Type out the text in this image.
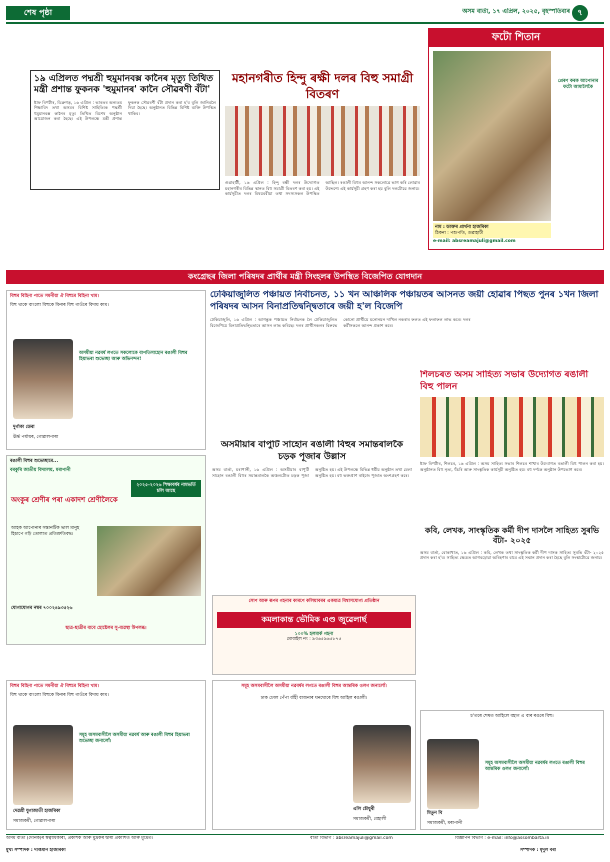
শেষ পৃষ্ঠা	অসম বাৰ্তা, ১৭ এপ্ৰিল, ২০২৫, বৃহস্পতিবাৰ ৭
১৯ এপ্ৰিলত পদ্মশ্ৰী হুমুমানবক্স কানৈৰ মৃত্যু তিথিত মন্ত্ৰী প্ৰশান্ত ফুকনক 'হুমুমানৰ' কানৈ সৌৱৰণী বঁটা'
ষ্টাফ ৰিপৰ্টাৰ, ডিব্ৰুগড়, ১৬ এপ্ৰিল : ভাৰতৰ অন্যতম শিক্ষাবিদ তথা অসমৰ বিশিষ্ট সাহিত্যিক পদ্মশ্ৰী হুমুমানবক্স কানৈৰ মৃত্যু তিথিত বিশেষ অনুষ্ঠান আয়োজন কৰা হৈছে। এই উপলক্ষে মন্ত্ৰী প্ৰশান্ত ফুকনক সৌৱৰণী বঁটা প্ৰদান কৰা হ'ব বুলি জানিবলৈ দিয়া হৈছে। অনুষ্ঠানত বিভিন্ন বিশিষ্ট ব্যক্তি উপস্থিত থাকিব।
মহানগৰীত হিন্দু ৰক্ষী দলৰ বিহু সমাগ্ৰী বিতৰণ
গুৱাহাটী, ১৬ এপ্ৰিল : হিন্দু ৰক্ষী দলৰ উদ্যোগত মহানগৰীৰ বিভিন্ন স্থানত বিহু সমাগ্ৰী বিতৰণ কৰা হয়। এই কাৰ্যসূচীত দলৰ বিষয়ববীয়া তথা সদস্যসকল উপস্থিত আছিল। ৰঙালী বিহুৰ আনন্দ সকলোৱে ভাগ কৰি লোৱাৰ উদ্দেশ্যে এই কাৰ্যসূচী গ্ৰহণ কৰা হয় বুলি দলটোৱে জনায়।
ফটো শিতান
প্ৰেৰণ কৰক আপোনাৰ ফটো আমালৈকৈ
নাম : ডাক্তৰ প্ৰাৰ্থনা হাজৰিকা
ঠিকনা : পশুপতি, গুৱাহাটী
e-mail: absreamajuli@gmail.com
কংগ্ৰেছৰ জিলা পৰিষদৰ প্ৰাৰ্থীৰ মন্ত্ৰী সিংহলৰ উপস্থিত বিজেপিত যোগদান
ঢেকিয়াজুলিত পঞ্চায়ত নিৰ্বাচনত, ১১ খন আঞ্চলিক পঞ্চায়তৰ আসনত জয়ী হোৱাৰ পিছত পুনৰ ১খন জিলা পৰিষদৰ আসন বিনাপ্ৰতিদ্বন্দ্বিতাৰে জয়ী হ'ল বিজেপি
ঢেকিয়াজুলি, ১৬ এপ্ৰিল : আগন্তুক পঞ্চায়ত নিৰ্বাচনক লৈ ঢেকিয়াজুলিত বিজেপিয়ে বিনাপ্ৰতিদ্বন্দ্বিতাৰে আসন লাভ কৰিছে। দলৰ প্ৰাৰ্থীসকলৰ বিৰুদ্ধে কোনো প্ৰাৰ্থীয়ে মনোনয়ন দাখিল নকৰাৰ ফলত এই ফলাফল লাভ কৰে। দলৰ কৰ্মীসকলে আনন্দ প্ৰকাশ কৰে।
শিলচৰত অসম সাহিত্য সভাৰ উদ্যোগত ৰঙালী বিহু পালন
ষ্টাফ ৰিপৰ্টাৰ, শিলচৰ, ১৬ এপ্ৰিল : অসম সাহিত্য সভাৰ শিলচৰ শাখাৰ উদ্যোগত ৰঙালী বিহু পালন কৰা হয়। অনুষ্ঠানত বিহু নৃত্য, হুঁচৰি আৰু সাংস্কৃতিক কাৰ্যসূচী অনুষ্ঠিত হয়। বহু দৰ্শকে অনুষ্ঠান উপভোগ কৰে।
বিহুৰ বিহিনা পাতে সমনীয়া ঐ বিহুৰে বিহিনা খাম।
বিহু থাকে বাংলো বিহুকে বিনাৰ বিহু গাওঁৰে বিদায় কাম।
অসমীয়া নৱবৰ্ষ লগতে সকলোকে বাপতিসাহোন ৰঙালী বিহুৰ হিয়াভৰা শুভেচ্ছা আৰু অভিনন্দন!
দুৰ্গাকা ডেৰা
ঊৰ্দ্ধ পৰ্যায়ৰ, গোৱালপাৰা
ৰঙালী বিহুৰ শুভেচ্ছাৰে...
বৰকুৰি জাতীয় বিদ্যালয়, মৰাপানী
২০২৫-২০২৬ শিক্ষাবৰ্ষৰ নামভৰ্তি চলি আছে
অংকুৰ শ্ৰেণীৰ পৰা একাদশ শ্ৰেণীলৈকে
আহক আপোনাৰ সন্তানটিক ভাল মানুহ হিচাপে গঢ়ি তোলাত প্ৰতিশ্ৰুতিবদ্ধ।
যোগাযোগৰ নম্বৰ ৭০০২৪৯৩৫২৬
ছাত্ৰ-ছাত্ৰীৰ বাবে হোষ্টেলৰ সু-ব্যৱস্থা উপলব্ধ।
অসমীয়াৰ বাপুটি সাহোন ৰঙালী বিহুৰ সমান্তৰালকৈ চড়ক পূজাৰ উল্লাস
অসম বাৰ্তা, মৰাপানী, ১৬ এপ্ৰিল : অসমীয়াৰ বাপুটি সাহোন ৰঙালী বিহুৰ সমান্তৰালকৈ অঞ্চলটোত চড়ক পূজা অনুষ্ঠিত হয়। এই উপলক্ষে বিভিন্ন ধৰ্মীয় অনুষ্ঠান তথা মেলা অনুষ্ঠিত হয়। বহু ভক্তপ্ৰাণ ৰাইজে পূজাত অংশগ্ৰহণ কৰে।
কবি, লেখক, সাংস্কৃতিক কৰ্মী দীপ দাসলৈ সাহিত্য সুৰভি বঁটা- ২০২৫
অসম বাৰ্তা, বোকাখাত, ১৬ এপ্ৰিল : কবি, লেখক তথা সাংস্কৃতিক কৰ্মী দীপ দাসক সাহিত্য সুৰভি বঁটা- ২০২৫ প্ৰদান কৰা হ'ব। সাহিত্য ক্ষেত্ৰত আগবঢ়োৱা অৰিহণাৰ বাবে এই সন্মান প্ৰদান কৰা হৈছে বুলি সংস্থাটোৱে জনায়।
সোণ আৰু ৰূপৰ গহনাৰ কাৰণে কলিয়াবৰৰ একমাত্ৰ বিশ্বাসযোগ্য প্ৰতিষ্ঠান
কমলাকান্ত ভৌমিক এণ্ড জুৱেলাৰ্ছ
১০০% হলমাৰ্ক গহনা
মোবাইল নং : ৯৩৬৫৯৬৫৮৭৫
বিহুৰ বিহিনা পাতে সমনীয়া ঐ বিহুৰে বিহিনা খাম।
বিহু থাকে বাংলো বিহুকে বিনাৰ বিহু গাওঁৰে বিদায় কাম।
সমূহ অসমবাসীলৈ অসমীয়া নৱবৰ্ষ আৰু ৰঙালী বিহুৰ হিয়াভৰা শুভেচ্ছা জনালোঁ।
দেৱশ্ৰী যুগাজাতী হাজৰিকা
সমাজকৰ্মী, গোৱালপাৰা
সমূহ অসমবাসীলৈ অসমীয়া নৱবৰ্ষৰ লগতে ৰঙালী বিহুৰ আন্তৰিক ওলগ জনালোঁ।
ঢাক ঢোল পেঁপা বাঁহী বাজনাৰ ঘনঘোৰে বিহু আহিল ৰঙালী।
এলি চৌধুৰী
সমাজকৰ্মী, বেহালী
চ'তৰে শেষত আহিলে বহাগ এ বাৰ ৰঙৰে বিহু।
মিতুন বি
সমাজকৰ্মী, মৰাপানী
সমূহ অসমবাসীলৈ অসমীয়া নৱবৰ্ষৰ লগতে ৰঙালী বিহুৰ আন্তৰিক ওলগ জনালোঁ।
অসম বাৰ্তা (দৈনিক)ৰ স্বত্বাধিকাৰী, প্ৰকাশক আৰু মুদ্ৰকৰ দ্বাৰা প্ৰকাশিত আৰু মুদ্ৰিত।	বাৰ্তা বিভাগ : absreamajuli@gmail.com	বিজ্ঞাপন বিভাগ : e-mail: info@assombarta.in
মুখ্য সম্পাদক : দীপ্তমান হাজৰিকা	সম্পাদক : মৃদুল বৰা
